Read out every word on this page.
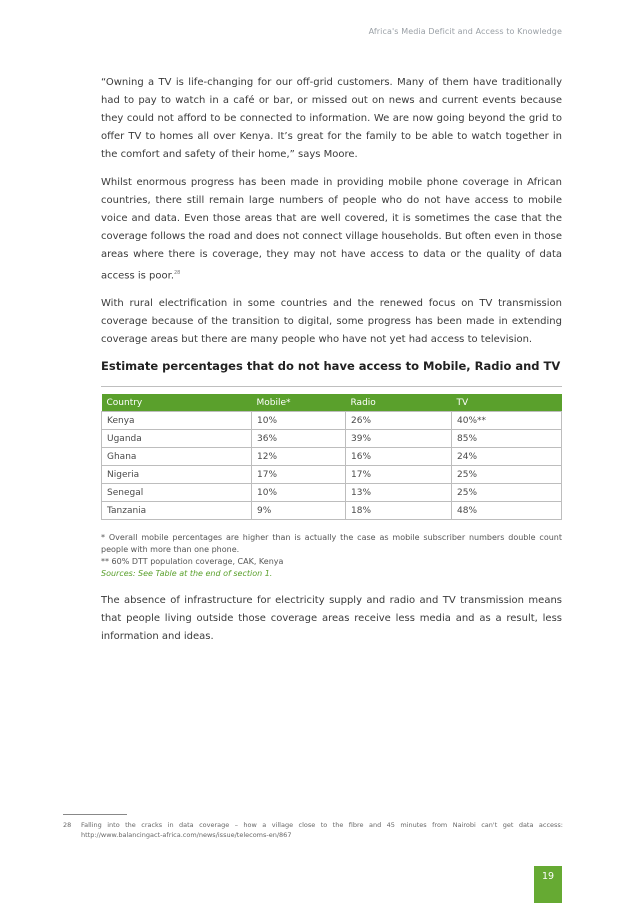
Africa's Media Deficit and Access to Knowledge

“Owning a TV is life-changing for our off-grid customers. Many of them have traditionally had to pay to watch in a café or bar, or missed out on news and current events because they could not afford to be connected to information. We are now going beyond the grid to offer TV to homes all over Kenya. It’s great for the family to be able to watch together in the comfort and safety of their home,” says Moore.

Whilst enormous progress has been made in providing mobile phone coverage in African countries, there still remain large numbers of people who do not have access to mobile voice and data. Even those areas that are well covered, it is sometimes the case that the coverage follows the road and does not connect village households. But often even in those areas where there is coverage, they may not have access to data or the quality of data access is poor.$^{28}$

With rural electrification in some countries and the renewed focus on TV transmission coverage because of the transition to digital, some progress has been made in extending coverage areas but there are many people who have not yet had access to television.

Estimate percentages that do not have access to Mobile, Radio and TV
Country	Mobile*	Radio	TV
Kenya	10%	26%	40%**
Uganda	36%	39%	85%
Ghana	12%	16%	24%
Nigeria	17%	17%	25%
Senegal	10%	13%	25%
Tanzania	9%	18%	48%
* Overall mobile percentages are higher than is actually the case as mobile subscriber numbers double count people with more than one phone.
** 60% DTT population coverage, CAK, Kenya
Sources: See Table at the end of section 1.

The absence of infrastructure for electricity supply and radio and TV transmission means that people living outside those coverage areas receive less media and as a result, less information and ideas.

28 Falling into the cracks in data coverage – how a village close to the fibre and 45 minutes from Nairobi can't get data access: http://www.balancingact-africa.com/news/issue/telecoms-en/867
19
